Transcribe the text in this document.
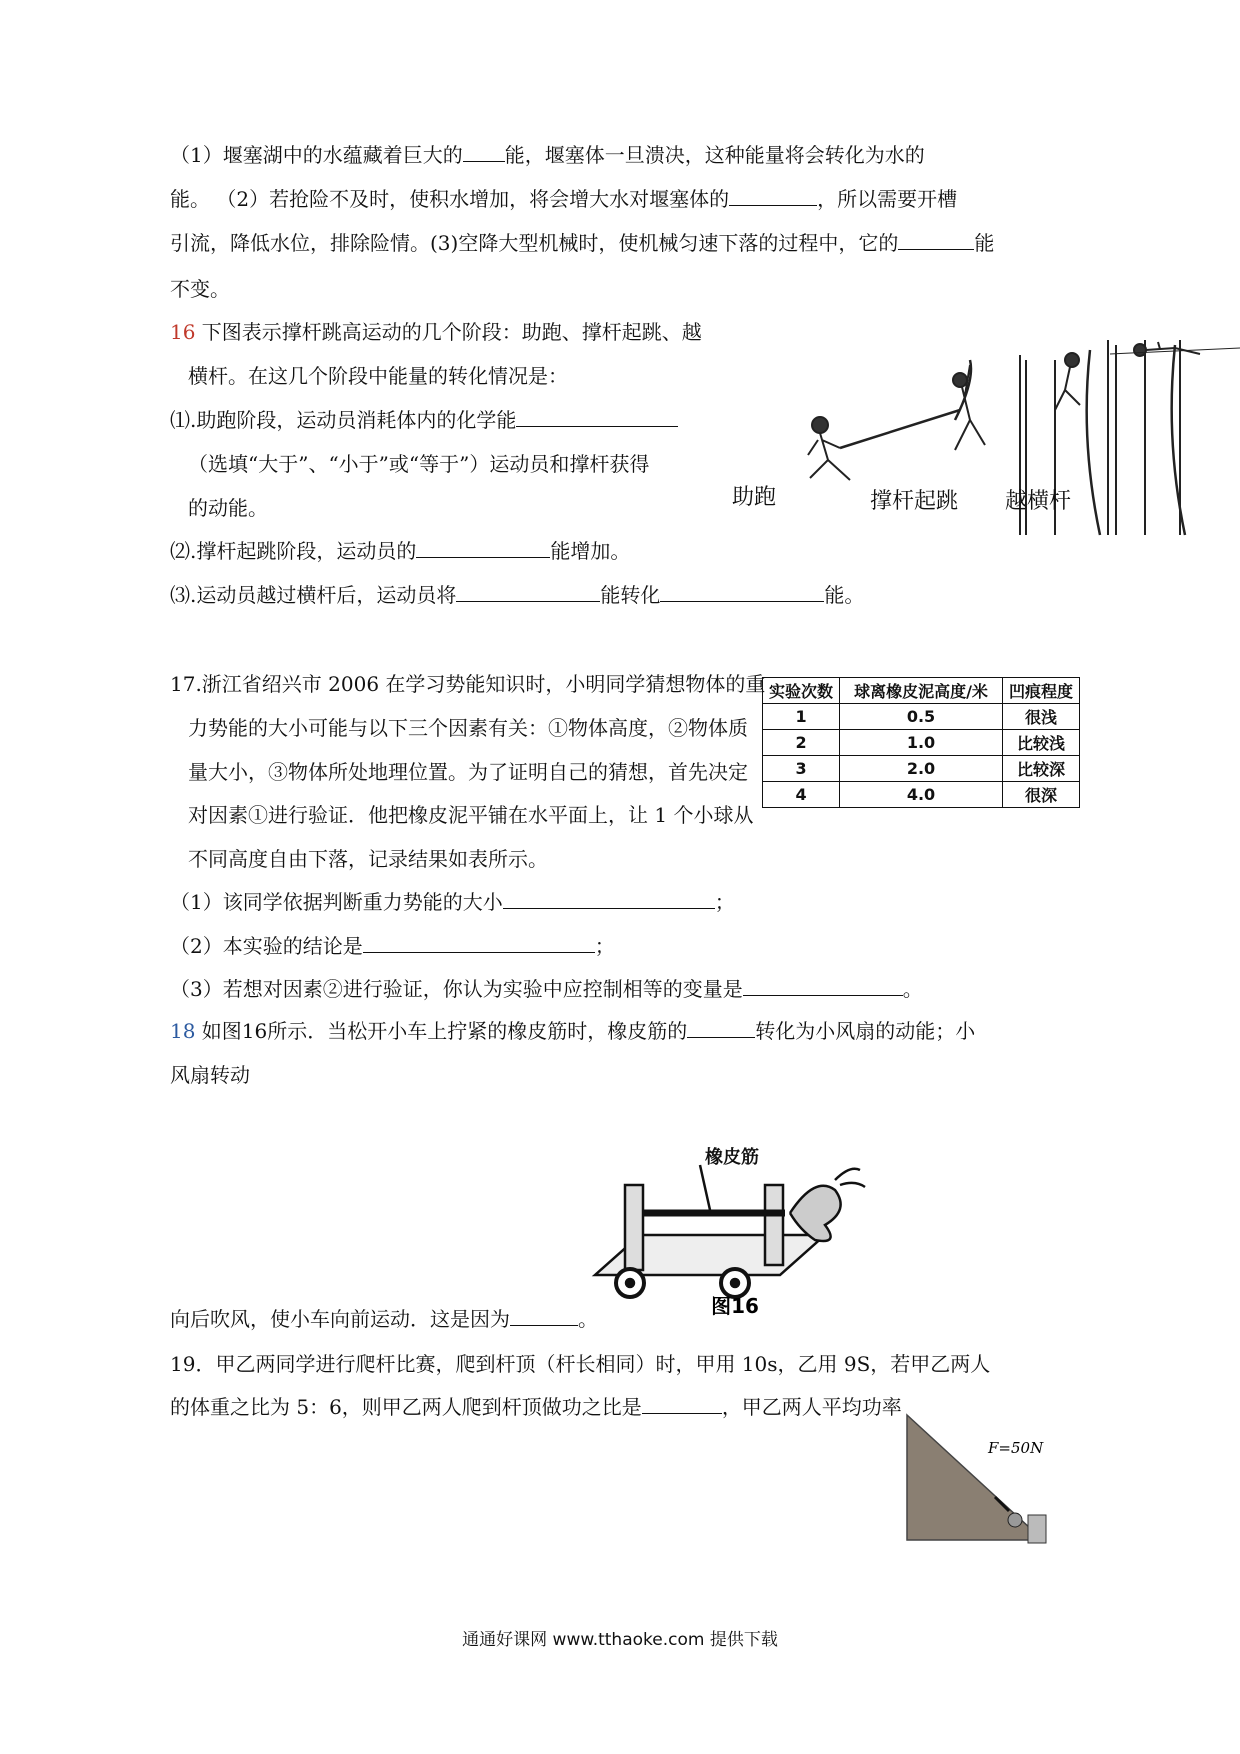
（1）堰塞湖中的水蕴藏着巨大的 能，堰塞体一旦溃决，这种能量将会转化为水的
能。 （2）若抢险不及时，使积水增加，将会增大水对堰塞体的	，所以需要开槽
引流，降低水位，排除险情。(3)空降大型机械时，使机械匀速下落的过程中，它的	能
不变。
16 下图表示撑杆跳高运动的几个阶段：助跑、撑杆起跳、越
横杆。在这几个阶段中能量的转化情况是：
⑴.助跑阶段，运动员消耗体内的化学能
（选填“大于”、“小于”或“等于”）运动员和撑杆获得
的动能。
⑵.撑杆起跳阶段，运动员的	能增加。
⑶.运动员越过横杆后，运动员将	能转化	能。
助跑	撑杆起跳 越横杆
17.浙江省绍兴市 2006 在学习势能知识时，小明同学猜想物体的重
力势能的大小可能与以下三个因素有关：①物体高度，②物体质
量大小，③物体所处地理位置。为了证明自己的猜想，首先决定
对因素①进行验证．他把橡皮泥平铺在水平面上，让 1 个小球从
不同高度自由下落，记录结果如表所示。
（1）该同学依据判断重力势能的大小	；
（2）本实验的结论是	；
（3）若想对因素②进行验证，你认为实验中应控制相等的变量是	。
实验次数	球离橡皮泥高度/米	凹痕程度
1	0.5	很浅
2	1.0	比较浅
3	2.0	比较深
4	4.0	很深
18 如图16所示．当松开小车上拧紧的橡皮筋时，橡皮筋的	转化为小风扇的动能；小
风扇转动
向后吹风，使小车向前运动．这是因为	。
图16
橡皮筋
19．甲乙两同学进行爬杆比赛，爬到杆顶（杆长相同）时，甲用 10s，乙用 9S，若甲乙两人
的体重之比为 5：6，则甲乙两人爬到杆顶做功之比是	，甲乙两人平均功率
F=50N
通通好课网 www.tthaoke.com 提供下载
